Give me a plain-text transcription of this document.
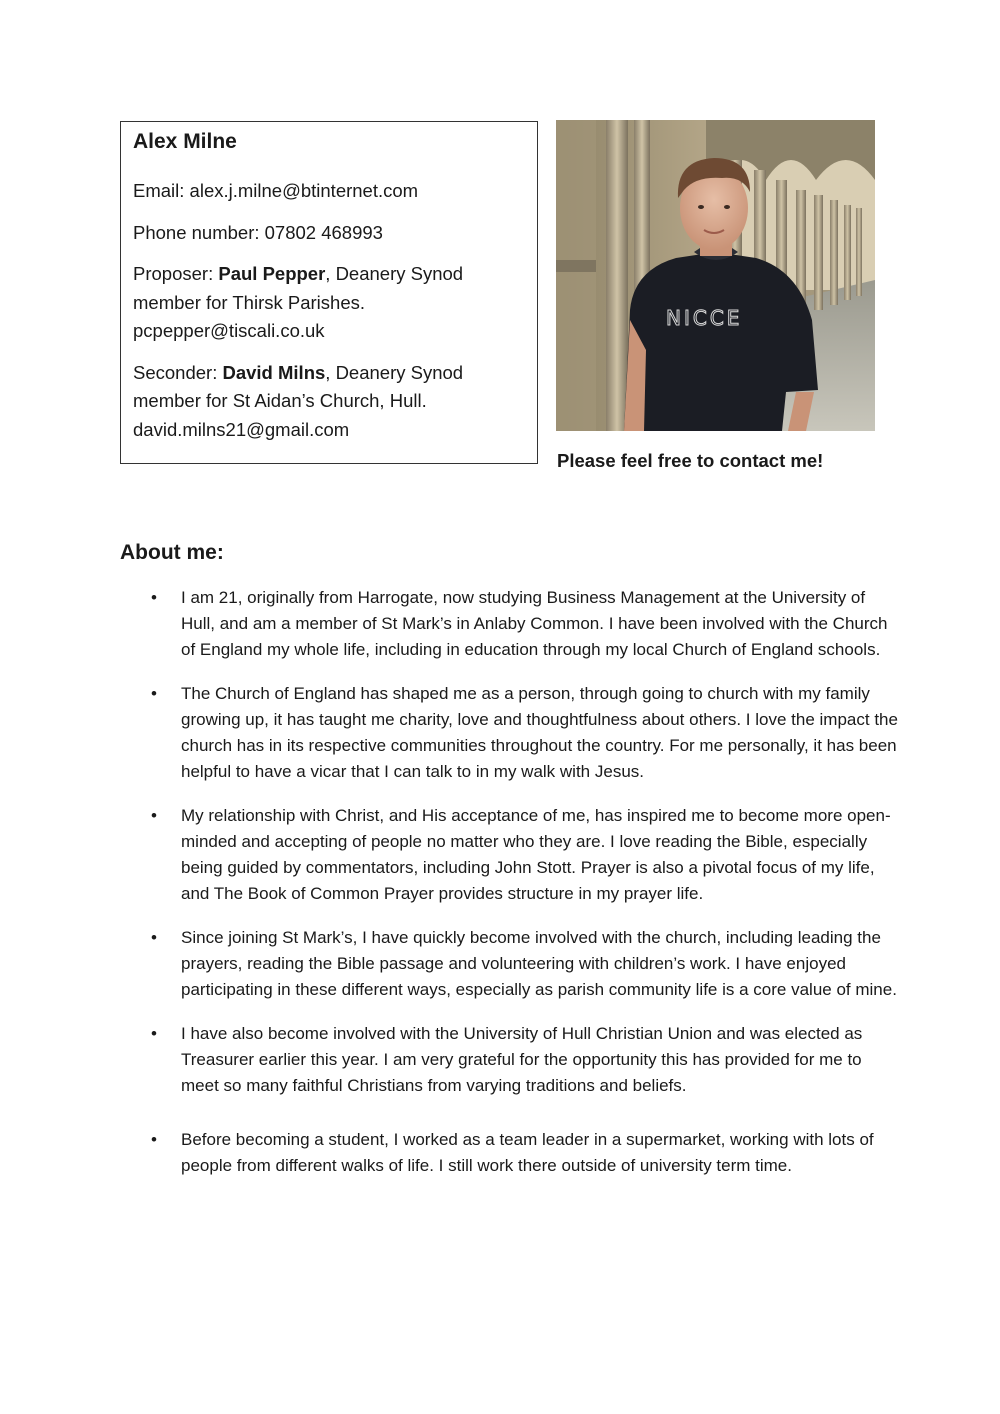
Alex Milne

Email: alex.j.milne@btinternet.com

Phone number: 07802 468993

Proposer: Paul Pepper, Deanery Synod
member for Thirsk Parishes.
pcpepper@tiscali.co.uk

Seconder: David Milns, Deanery Synod
member for St Aidan’s Church, Hull.
david.milns21@gmail.com

NICCE
Please feel free to contact me!
About me:
• I am 21, originally from Harrogate, now studying Business Management at the University of Hull, and am a member of St Mark’s in Anlaby Common. I have been involved with the Church of England my whole life, including in education through my local Church of England schools.
• The Church of England has shaped me as a person, through going to church with my family growing up, it has taught me charity, love and thoughtfulness about others. I love the impact the church has in its respective communities throughout the country. For me personally, it has been helpful to have a vicar that I can talk to in my walk with Jesus.
• My relationship with Christ, and His acceptance of me, has inspired me to become more open-minded and accepting of people no matter who they are. I love reading the Bible, especially being guided by commentators, including John Stott. Prayer is also a pivotal focus of my life, and The Book of Common Prayer provides structure in my prayer life.
• Since joining St Mark’s, I have quickly become involved with the church, including leading the prayers, reading the Bible passage and volunteering with children’s work. I have enjoyed participating in these different ways, especially as parish community life is a core value of mine.
• I have also become involved with the University of Hull Christian Union and was elected as Treasurer earlier this year. I am very grateful for the opportunity this has provided for me to meet so many faithful Christians from varying traditions and beliefs.
• Before becoming a student, I worked as a team leader in a supermarket, working with lots of people from different walks of life. I still work there outside of university term time.
